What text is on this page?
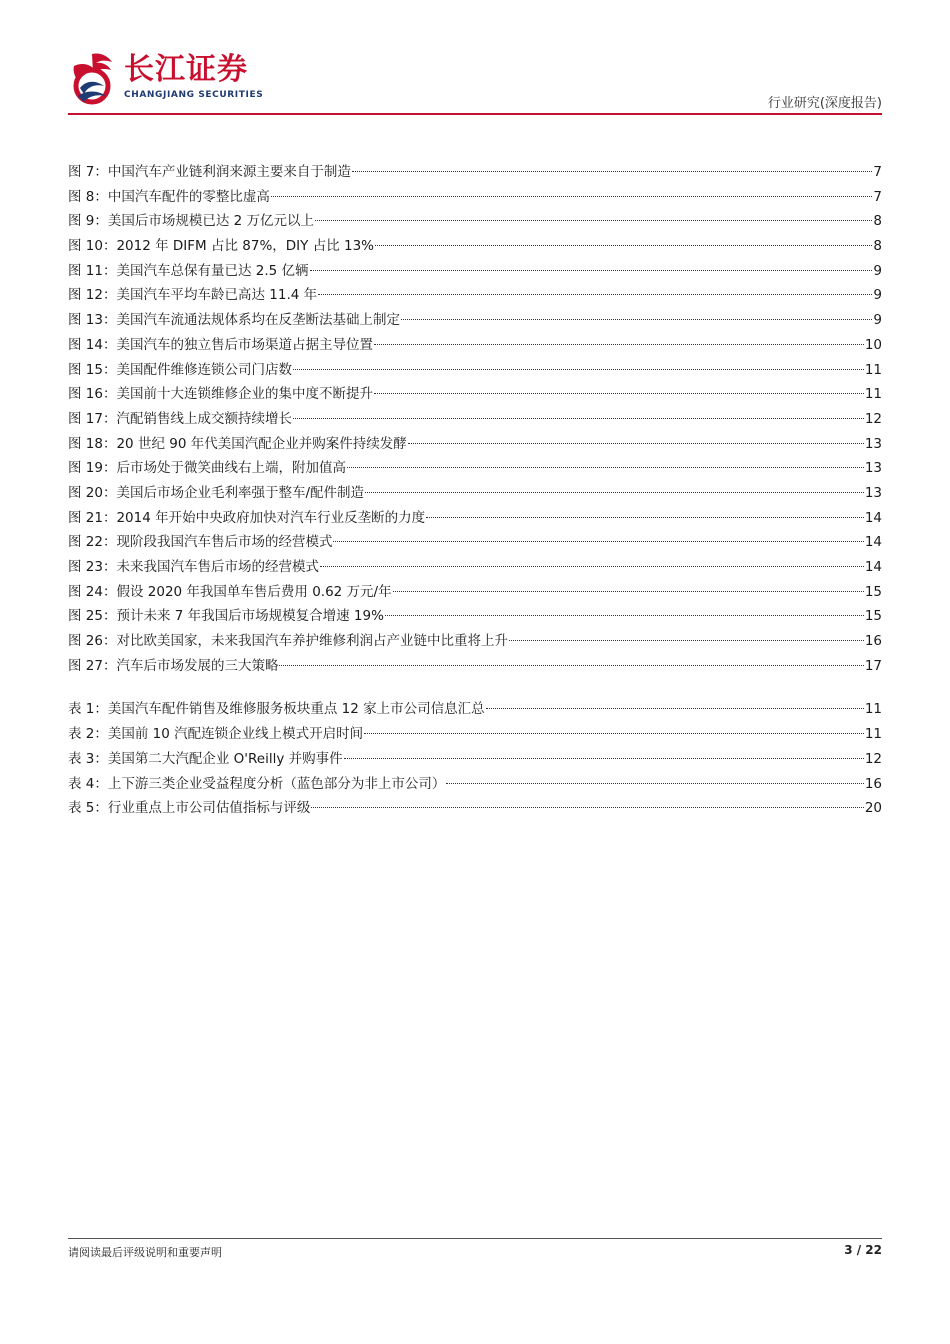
长江证券
CHANGJIANG SECURITIES
行业研究(深度报告)
图 7：中国汽车产业链利润来源主要来自于制造	7
图 8：中国汽车配件的零整比虚高	7
图 9：美国后市场规模已达 2 万亿元以上	8
图 10：2012 年 DIFM 占比 87%，DIY 占比 13%	8
图 11：美国汽车总保有量已达 2.5 亿辆	9
图 12：美国汽车平均车龄已高达 11.4 年	9
图 13：美国汽车流通法规体系均在反垄断法基础上制定	9
图 14：美国汽车的独立售后市场渠道占据主导位置	10
图 15：美国配件维修连锁公司门店数	11
图 16：美国前十大连锁维修企业的集中度不断提升	11
图 17：汽配销售线上成交额持续增长	12
图 18：20 世纪 90 年代美国汽配企业并购案件持续发酵	13
图 19：后市场处于微笑曲线右上端，附加值高	13
图 20：美国后市场企业毛利率强于整车/配件制造	13
图 21：2014 年开始中央政府加快对汽车行业反垄断的力度	14
图 22：现阶段我国汽车售后市场的经营模式	14
图 23：未来我国汽车售后市场的经营模式	14
图 24：假设 2020 年我国单车售后费用 0.62 万元/年	15
图 25：预计未来 7 年我国后市场规模复合增速 19%	15
图 26：对比欧美国家，未来我国汽车养护维修利润占产业链中比重将上升	16
图 27：汽车后市场发展的三大策略	17
表 1：美国汽车配件销售及维修服务板块重点 12 家上市公司信息汇总	11
表 2：美国前 10 汽配连锁企业线上模式开启时间	11
表 3：美国第二大汽配企业 O'Reilly 并购事件	12
表 4：上下游三类企业受益程度分析（蓝色部分为非上市公司）	16
表 5：行业重点上市公司估值指标与评级	20
请阅读最后评级说明和重要声明	3 / 22
